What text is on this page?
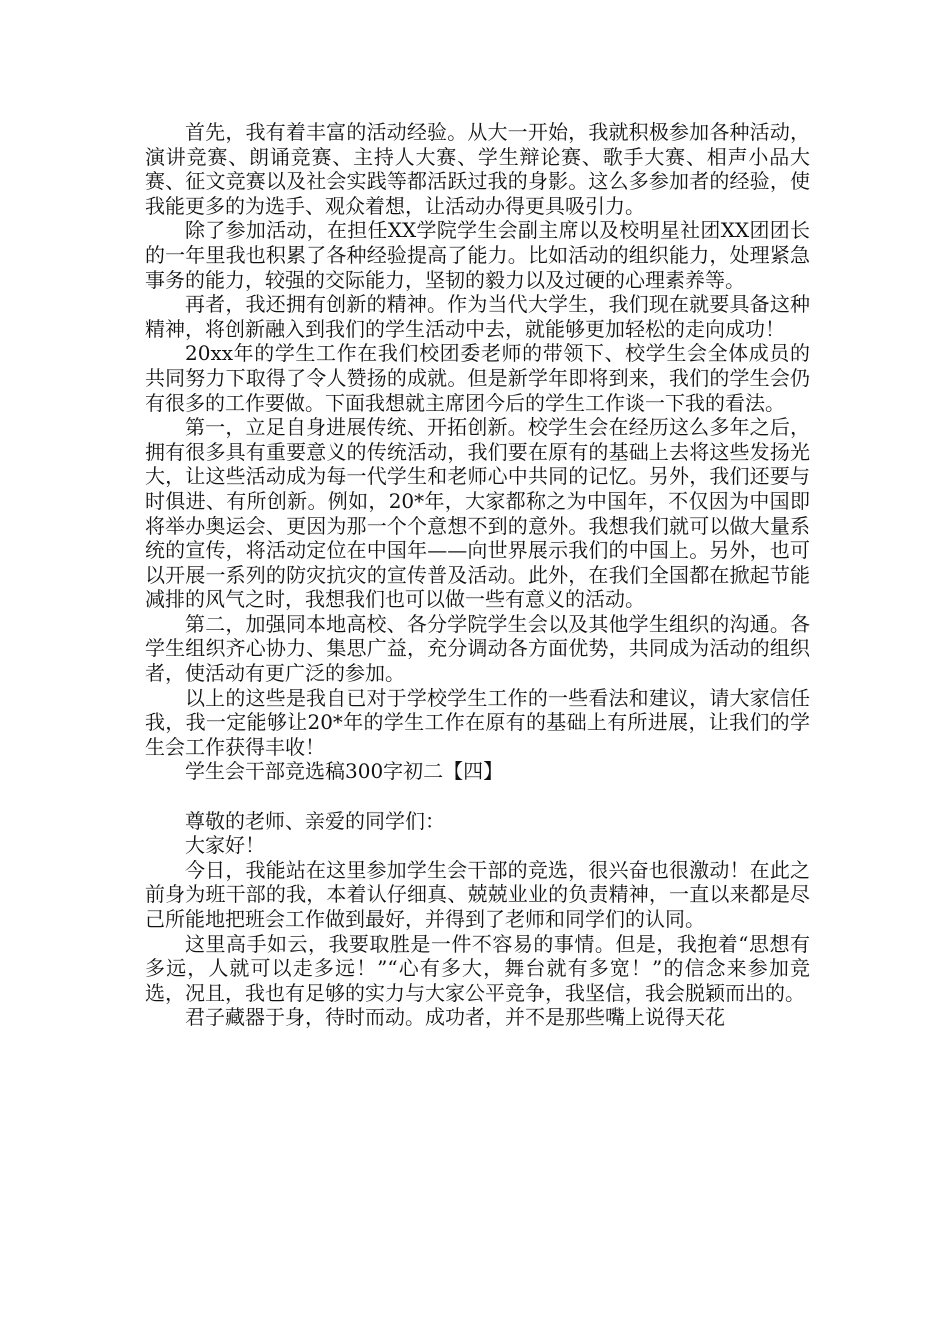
首先，我有着丰富的活动经验。从大一开始，我就积极参加各种活动，演讲竞赛、朗诵竞赛、主持人大赛、学生辩论赛、歌手大赛、相声小品大赛、征文竞赛以及社会实践等都活跃过我的身影。这么多参加者的经验，使我能更多的为选手、观众着想，让活动办得更具吸引力。

除了参加活动，在担任XX学院学生会副主席以及校明星社团XX团团长的一年里我也积累了各种经验提高了能力。比如活动的组织能力，处理紧急事务的能力，较强的交际能力，坚韧的毅力以及过硬的心理素养等。

再者，我还拥有创新的精神。作为当代大学生，我们现在就要具备这种精神，将创新融入到我们的学生活动中去，就能够更加轻松的走向成功！

20xx年的学生工作在我们校团委老师的带领下、校学生会全体成员的共同努力下取得了令人赞扬的成就。但是新学年即将到来，我们的学生会仍有很多的工作要做。下面我想就主席团今后的学生工作谈一下我的看法。

第一，立足自身进展传统、开拓创新。校学生会在经历这么多年之后，拥有很多具有重要意义的传统活动，我们要在原有的基础上去将这些发扬光大，让这些活动成为每一代学生和老师心中共同的记忆。另外，我们还要与时俱进、有所创新。例如，20*年，大家都称之为中国年，不仅因为中国即将举办奥运会、更因为那一个个意想不到的意外。我想我们就可以做大量系统的宣传，将活动定位在中国年——向世界展示我们的中国上。另外，也可以开展一系列的防灾抗灾的宣传普及活动。此外，在我们全国都在掀起节能减排的风气之时，我想我们也可以做一些有意义的活动。

第二，加强同本地高校、各分学院学生会以及其他学生组织的沟通。各学生组织齐心协力、集思广益，充分调动各方面优势，共同成为活动的组织者，使活动有更广泛的参加。

以上的这些是我自已对于学校学生工作的一些看法和建议，请大家信任我，我一定能够让20*年的学生工作在原有的基础上有所进展，让我们的学生会工作获得丰收！

学生会干部竞选稿300字初二【四】

尊敬的老师、亲爱的同学们：

大家好！

今日，我能站在这里参加学生会干部的竞选，很兴奋也很激动！在此之前身为班干部的我，本着认仔细真、兢兢业业的负责精神，一直以来都是尽己所能地把班会工作做到最好，并得到了老师和同学们的认同。

这里高手如云，我要取胜是一件不容易的事情。但是，我抱着“思想有多远，人就可以走多远！”“心有多大，舞台就有多宽！”的信念来参加竞选，况且，我也有足够的实力与大家公平竞争，我坚信，我会脱颖而出的。

君子藏器于身，待时而动。成功者，并不是那些嘴上说得天花
